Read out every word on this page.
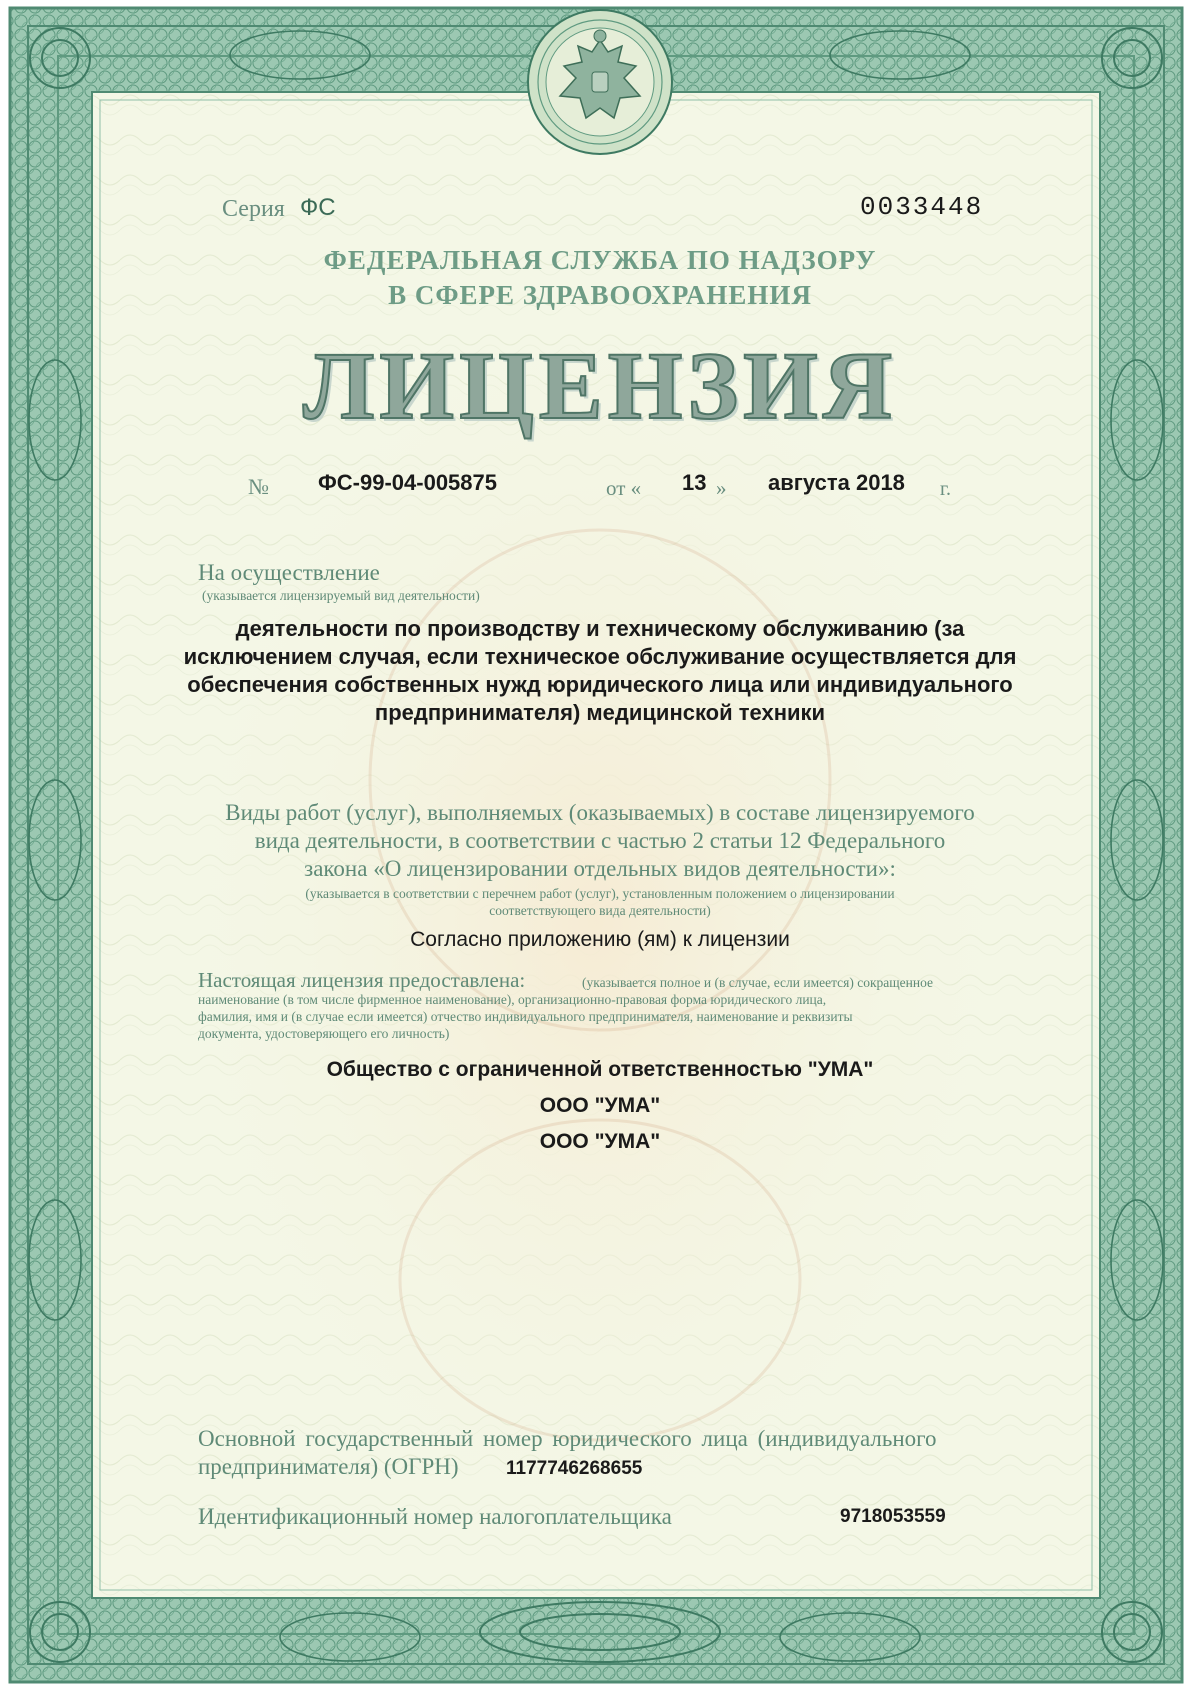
Серия ФС	0033448
ФЕДЕРАЛЬНАЯ СЛУЖБА ПО НАДЗОРУ
В СФЕРЕ ЗДРАВООХРАНЕНИЯ
ЛИЦЕНЗИЯ
№ ФС-99-04-005875	от « 13 » августа 2018 г.
На осуществление
(указывается лицензируемый вид деятельности)
деятельности по производству и техническому обслуживанию (за
исключением случая, если техническое обслуживание осуществляется для
обеспечения собственных нужд юридического лица или индивидуального
предпринимателя) медицинской техники
Виды работ (услуг), выполняемых (оказываемых) в составе лицензируемого
вида деятельности, в соответствии с частью 2 статьи 12 Федерального
закона «О лицензировании отдельных видов деятельности»:
(указывается в соответствии с перечнем работ (услуг), установленным положением о лицензировании
соответствующего вида деятельности)
Согласно приложению (ям) к лицензии
Настоящая лицензия предоставлена:	(указывается полное и (в случае, если имеется) сокращенное
наименование (в том числе фирменное наименование), организационно-правовая форма юридического лица,
фамилия, имя и (в случае если имеется) отчество индивидуального предпринимателя, наименование и реквизиты
документа, удостоверяющего его личность)
Общество с ограниченной ответственностью "УМА"
ООО "УМА"
ООО "УМА"
Основной государственный номер юридического лица (индивидуального
предпринимателя) (ОГРН) 1177746268655
Идентификационный номер налогоплательщика	9718053559
